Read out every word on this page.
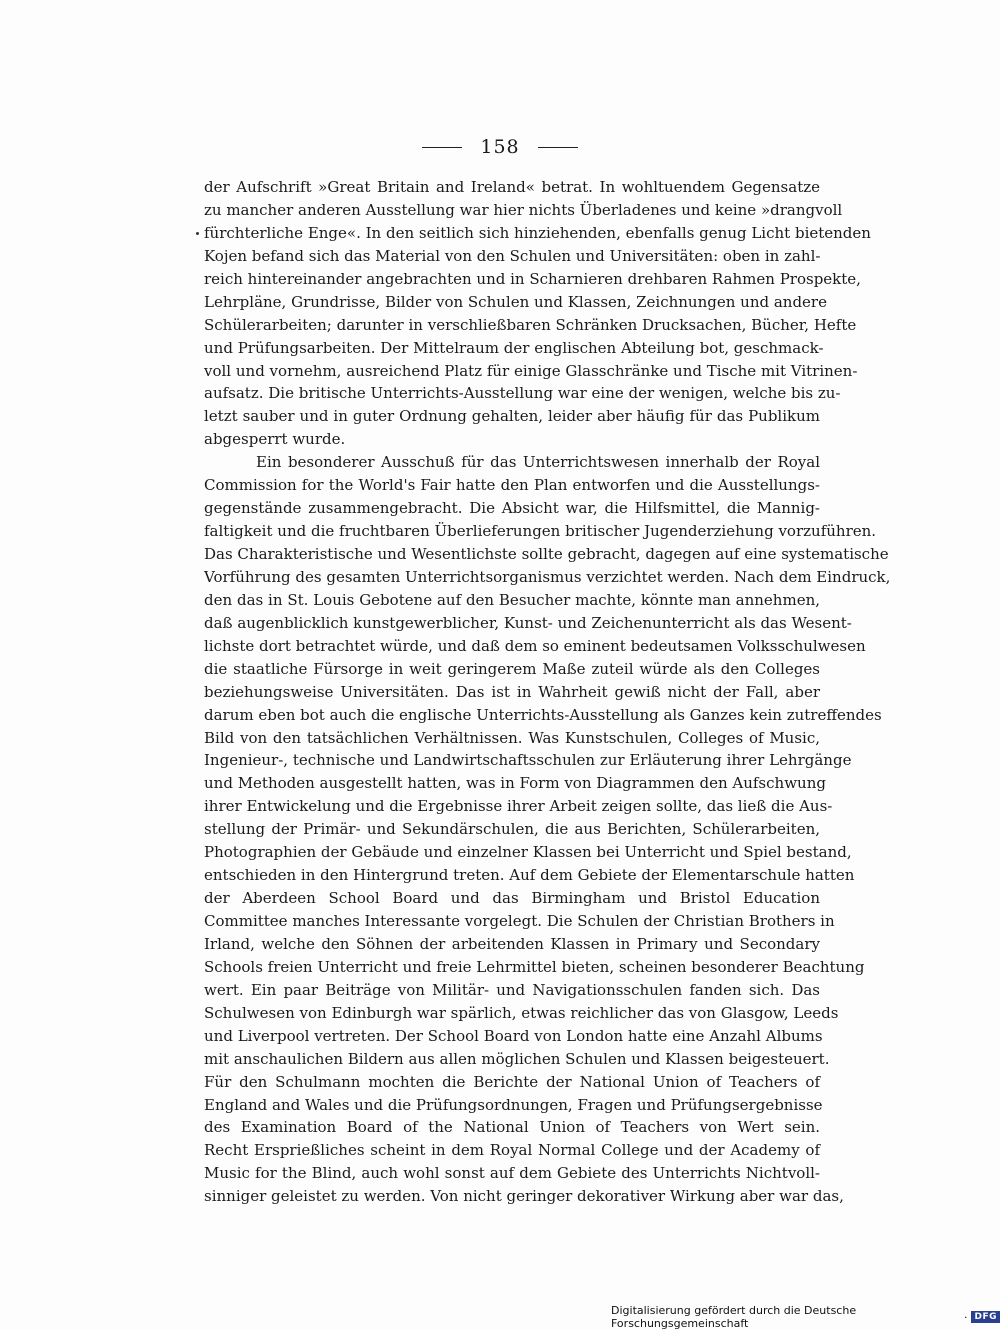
158
der Aufschrift »Great Britain and Ireland« betrat. In wohltuendem Gegensatze
zu mancher anderen Ausstellung war hier nichts Überladenes und keine »drangvoll
fürchterliche Enge«. In den seitlich sich hinziehenden, ebenfalls genug Licht bietenden
Kojen befand sich das Material von den Schulen und Universitäten: oben in zahl-
reich hintereinander angebrachten und in Scharnieren drehbaren Rahmen Prospekte,
Lehrpläne, Grundrisse, Bilder von Schulen und Klassen, Zeichnungen und andere
Schülerarbeiten; darunter in verschließbaren Schränken Drucksachen, Bücher, Hefte
und Prüfungsarbeiten. Der Mittelraum der englischen Abteilung bot, geschmack-
voll und vornehm, ausreichend Platz für einige Glasschränke und Tische mit Vitrinen-
aufsatz. Die britische Unterrichts-Ausstellung war eine der wenigen, welche bis zu-
letzt sauber und in guter Ordnung gehalten, leider aber häufig für das Publikum
abgesperrt wurde.
Ein besonderer Ausschuß für das Unterrichtswesen innerhalb der Royal
Commission for the World's Fair hatte den Plan entworfen und die Ausstellungs-
gegenstände zusammengebracht. Die Absicht war, die Hilfsmittel, die Mannig-
faltigkeit und die fruchtbaren Überlieferungen britischer Jugenderziehung vorzuführen.
Das Charakteristische und Wesentlichste sollte gebracht, dagegen auf eine systematische
Vorführung des gesamten Unterrichtsorganismus verzichtet werden. Nach dem Eindruck,
den das in St. Louis Gebotene auf den Besucher machte, könnte man annehmen,
daß augenblicklich kunstgewerblicher, Kunst- und Zeichenunterricht als das Wesent-
lichste dort betrachtet würde, und daß dem so eminent bedeutsamen Volksschulwesen
die staatliche Fürsorge in weit geringerem Maße zuteil würde als den Colleges
beziehungsweise Universitäten. Das ist in Wahrheit gewiß nicht der Fall, aber
darum eben bot auch die englische Unterrichts-Ausstellung als Ganzes kein zutreffendes
Bild von den tatsächlichen Verhältnissen. Was Kunstschulen, Colleges of Music,
Ingenieur-, technische und Landwirtschaftsschulen zur Erläuterung ihrer Lehrgänge
und Methoden ausgestellt hatten, was in Form von Diagrammen den Aufschwung
ihrer Entwickelung und die Ergebnisse ihrer Arbeit zeigen sollte, das ließ die Aus-
stellung der Primär- und Sekundärschulen, die aus Berichten, Schülerarbeiten,
Photographien der Gebäude und einzelner Klassen bei Unterricht und Spiel bestand,
entschieden in den Hintergrund treten. Auf dem Gebiete der Elementarschule hatten
der Aberdeen School Board und das Birmingham und Bristol Education
Committee manches Interessante vorgelegt. Die Schulen der Christian Brothers in
Irland, welche den Söhnen der arbeitenden Klassen in Primary und Secondary
Schools freien Unterricht und freie Lehrmittel bieten, scheinen besonderer Beachtung
wert. Ein paar Beiträge von Militär- und Navigationsschulen fanden sich. Das
Schulwesen von Edinburgh war spärlich, etwas reichlicher das von Glasgow, Leeds
und Liverpool vertreten. Der School Board von London hatte eine Anzahl Albums
mit anschaulichen Bildern aus allen möglichen Schulen und Klassen beigesteuert.
Für den Schulmann mochten die Berichte der National Union of Teachers of
England and Wales und die Prüfungsordnungen, Fragen und Prüfungsergebnisse
des Examination Board of the National Union of Teachers von Wert sein.
Recht Ersprießliches scheint in dem Royal Normal College und der Academy of
Music for the Blind, auch wohl sonst auf dem Gebiete des Unterrichts Nichtvoll-
sinniger geleistet zu werden. Von nicht geringer dekorativer Wirkung aber war das,
Digitalisierung gefördert durch die Deutsche Forschungsgemeinschaft	· DFG
